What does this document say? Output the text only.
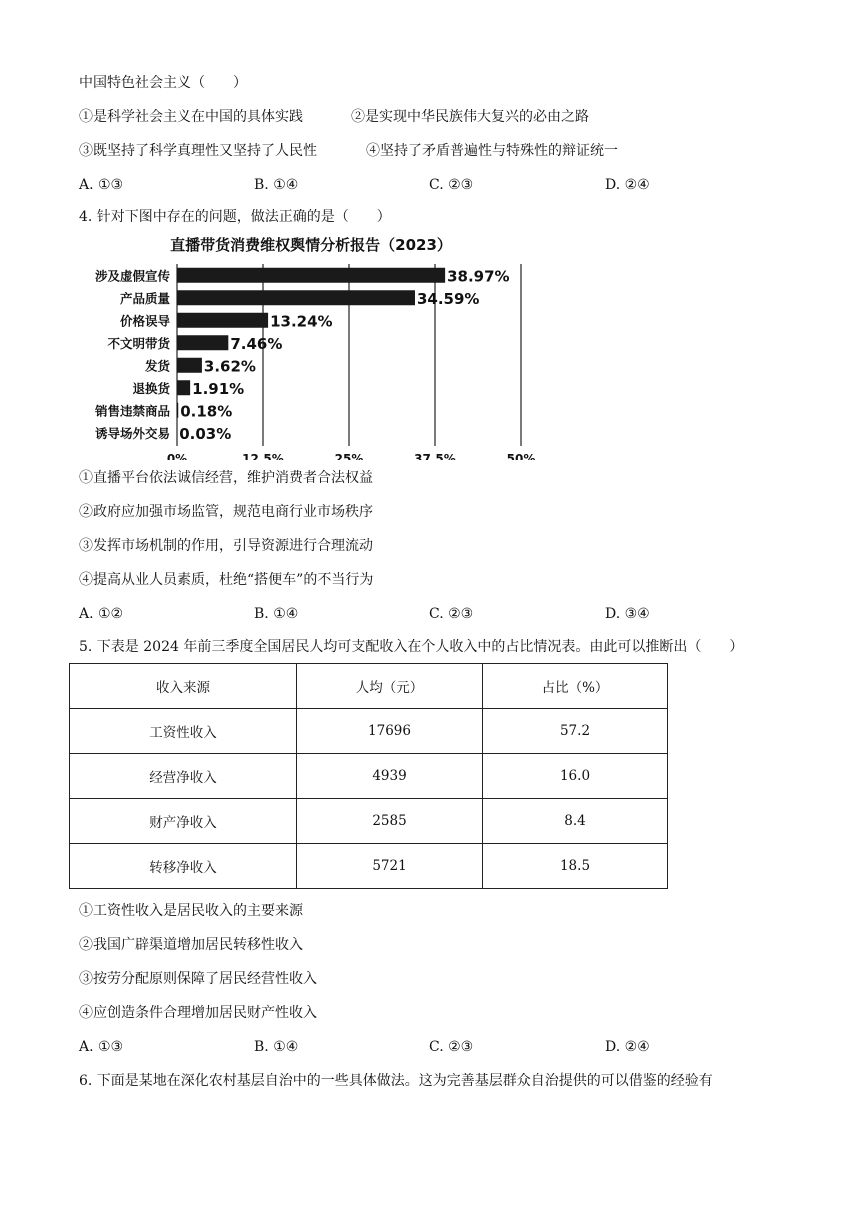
中国特色社会主义（　　）
①是科学社会主义在中国的具体实践	②是实现中华民族伟大复兴的必由之路
③既坚持了科学真理性又坚持了人民性	④坚持了矛盾普遍性与特殊性的辩证统一
A. ①③	B. ①④	C. ②③	D. ②④
4. 针对下图中存在的问题，做法正确的是（　　）
直播带货消费维权舆情分析报告（2023）
0%	12.5%	25%	37.5%	50%
涉及虚假宣传	38.97%
产品质量	34.59%
价格误导	13.24%
不文明带货	7.46%
发货 3.62%
退换货 1.91%
销售违禁商品 0.18%
诱导场外交易 0.03%
①直播平台依法诚信经营，维护消费者合法权益
②政府应加强市场监管，规范电商行业市场秩序
③发挥市场机制的作用，引导资源进行合理流动
④提高从业人员素质，杜绝“搭便车”的不当行为
A. ①②	B. ①④	C. ②③	D. ③④
5. 下表是 2024 年前三季度全国居民人均可支配收入在个人收入中的占比情况表。由此可以推断出（　　）
收入来源	人均（元）	占比（%）
工资性收入	17696	57.2
经营净收入	4939	16.0
财产净收入	2585	8.4
转移净收入	5721	18.5
①工资性收入是居民收入的主要来源
②我国广辟渠道增加居民转移性收入
③按劳分配原则保障了居民经营性收入
④应创造条件合理增加居民财产性收入
A. ①③	B. ①④	C. ②③	D. ②④
6. 下面是某地在深化农村基层自治中的一些具体做法。这为完善基层群众自治提供的可以借鉴的经验有
